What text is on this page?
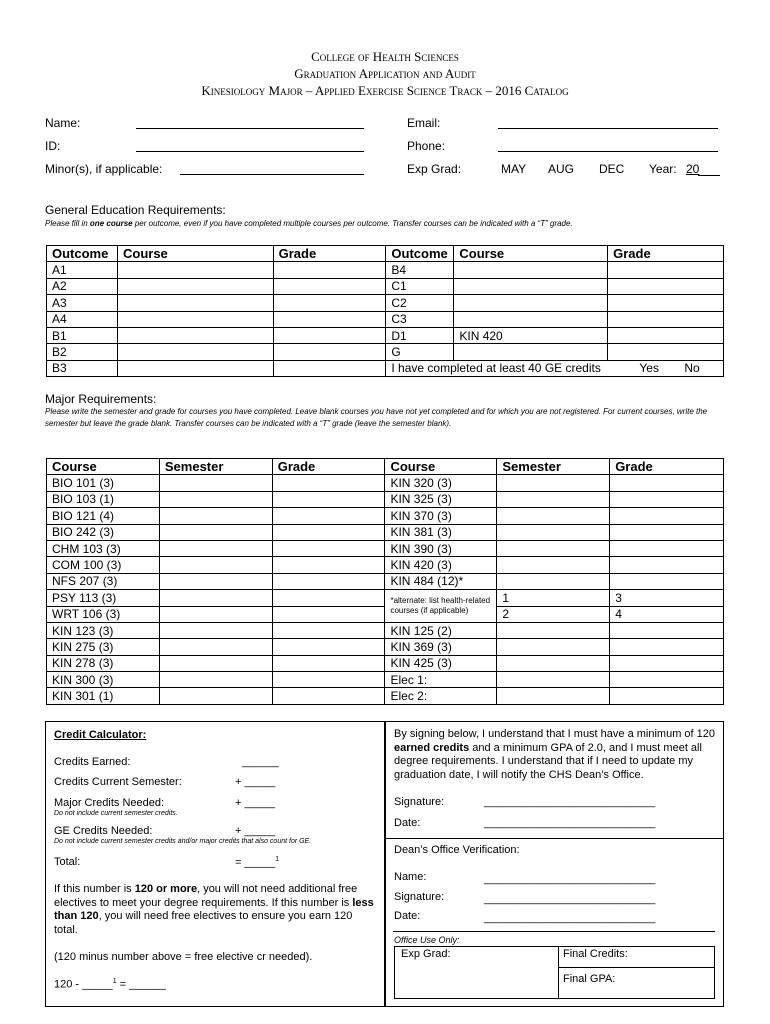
College of Health Sciences
Graduation Application and Audit
Kinesiology Major – Applied Exercise Science Track – 2016 Catalog
Name:
ID:
Minor(s), if applicable:
Email:
Phone:
Exp Grad:	MAY AUG DEC Year: 20
General Education Requirements:
Please fill in one course per outcome, even if you have completed multiple courses per outcome. Transfer courses can be indicated with a “T” grade.
Outcome	Course	Grade	Outcome	Course	Grade
A1			B4		
A2			C1		
A3			C2		
A4			C3		
B1			D1	KIN 420	
B2			G		
B3			I have completed at least 40 GE credits Yes No		
Major Requirements:
Please write the semester and grade for courses you have completed. Leave blank courses you have not yet completed and for which you are not registered. For current courses, write the semester but leave the grade blank. Transfer courses can be indicated with a “T” grade (leave the semester blank).
Course	Semester	Grade	Course	Semester	Grade
BIO 101 (3)			KIN 320 (3)		
BIO 103 (1)			KIN 325 (3)		
BIO 121 (4)			KIN 370 (3)		
BIO 242 (3)			KIN 381 (3)		
CHM 103 (3)			KIN 390 (3)		
COM 100 (3)			KIN 420 (3)		
NFS 207 (3)			KIN 484 (12)*		
PSY 113 (3)			*alternate: list health-related courses (if applicable)	1	3
WRT 106 (3)				2	4
KIN 123 (3)			KIN 125 (2)		
KIN 275 (3)			KIN 369 (3)		
KIN 278 (3)			KIN 425 (3)		
KIN 300 (3)			Elec 1:		
KIN 301 (1)			Elec 2:		
Credit Calculator:
Credits Earned:	______
Credits Current Semester:	+ _____
Major Credits Needed:	+ _____
Do not include current semester credits.
GE Credits Needed:	+ _____
Do not include current semester credits and/or major credits that also count for GE.
Total:	= _____$^1$
If this number is 120 or more, you will not need additional free electives to meet your degree requirements. If this number is less than 120, you will need free electives to ensure you earn 120 total.
(120 minus number above = free elective cr needed).
120 - _____$^1$ = ______
By signing below, I understand that I must have a minimum of 120 earned credits and a minimum GPA of 2.0, and I must meet all degree requirements. I understand that if I need to update my graduation date, I will notify the CHS Dean’s Office.
Signature:	____________________________
Date:	____________________________
Dean’s Office Verification:
Name:	____________________________
Signature:	____________________________
Date:	____________________________
Office Use Only:
Exp Grad:	Final Credits:
Final GPA:
